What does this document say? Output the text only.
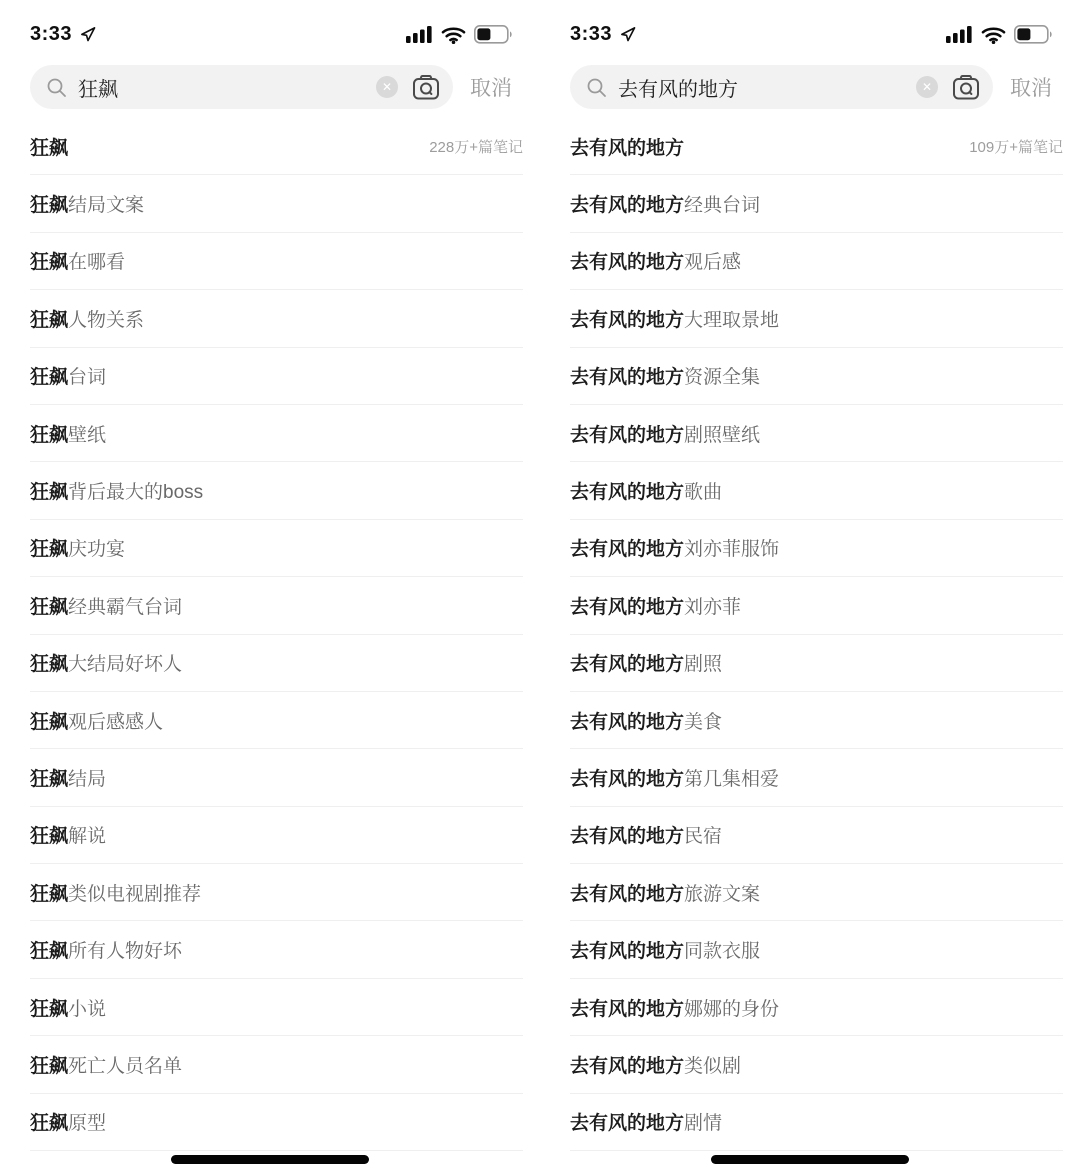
3:33
狂飙	✕	取消
狂飙	228万+篇笔记
狂飙 结局文案
狂飙 在哪看
狂飙 人物关系
狂飙 台词
狂飙 壁纸
狂飙 背后最大的boss
狂飙 庆功宴
狂飙 经典霸气台词
狂飙 大结局好坏人
狂飙 观后感感人
狂飙 结局
狂飙 解说
狂飙 类似电视剧推荐
狂飙 所有人物好坏
狂飙 小说
狂飙 死亡人员名单
狂飙 原型
3:33
去有风的地方	✕	取消
去有风的地方	109万+篇笔记
去有风的地方 经典台词
去有风的地方 观后感
去有风的地方 大理取景地
去有风的地方 资源全集
去有风的地方 剧照壁纸
去有风的地方 歌曲
去有风的地方 刘亦菲服饰
去有风的地方 刘亦菲
去有风的地方 剧照
去有风的地方 美食
去有风的地方 第几集相爱
去有风的地方 民宿
去有风的地方 旅游文案
去有风的地方 同款衣服
去有风的地方 娜娜的身份
去有风的地方 类似剧
去有风的地方 剧情
